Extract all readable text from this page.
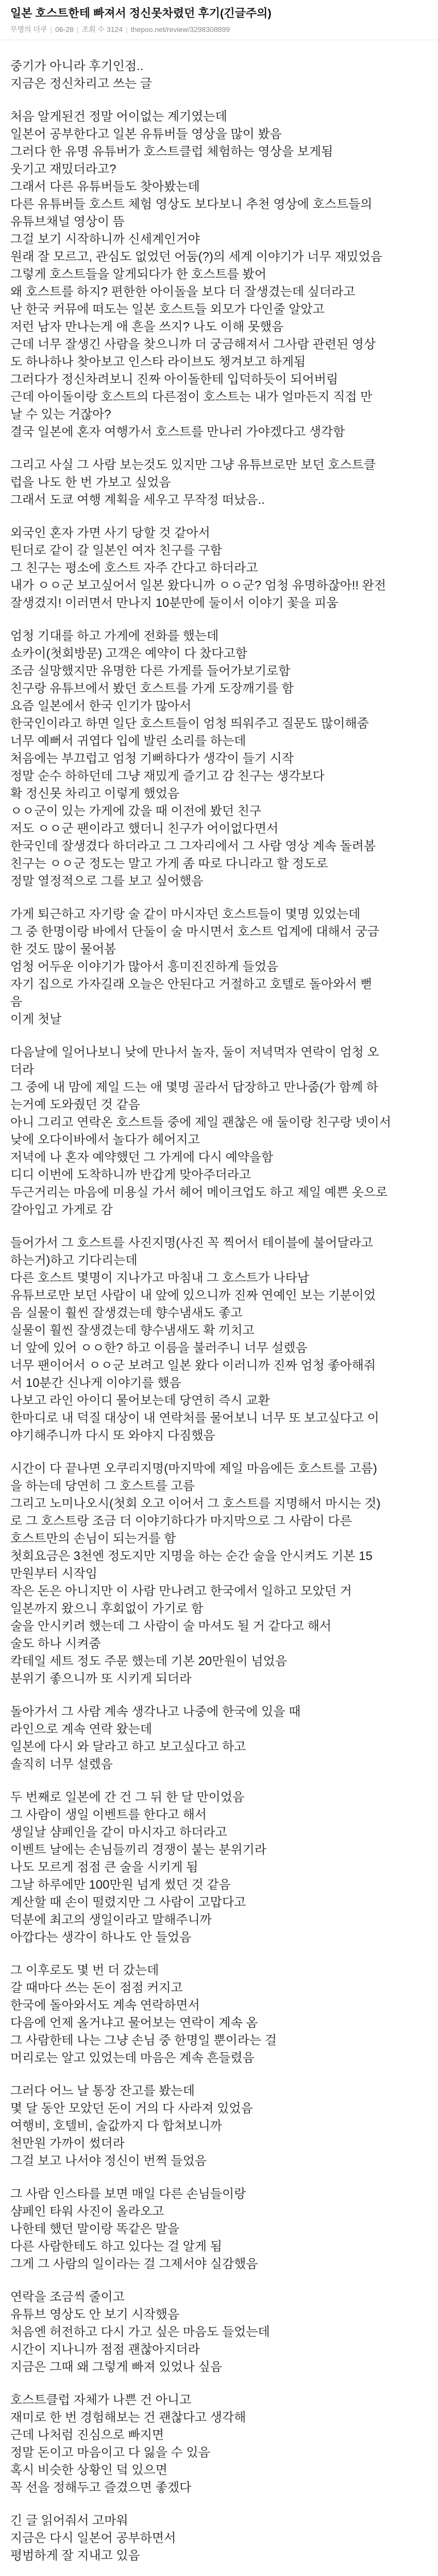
일본 호스트한테 빠져서 정신못차렸던 후기(긴글주의)
무명의 더쿠 | 06-28 | 조회 수 3124 | thepoo.net/review/3298308899
중기가 아니라 후기인점..
지금은 정신차리고 쓰는 글
처음 알게된건 정말 어이없는 계기였는데
일본어 공부한다고 일본 유튜버들 영상을 많이 봤음
그러다 한 유명 유튜버가 호스트클럽 체험하는 영상을 보게됨
웃기고 재밌더라고?
그래서 다른 유튜버들도 찾아봤는데
다른 유튜버들 호스트 체험 영상도 보다보니 추천 영상에 호스트들의
유튜브채널 영상이 뜸
그걸 보기 시작하니까 신세계인거야
원래 잘 모르고, 관심도 없었던 어둠(?)의 세계 이야기가 너무 재밌었음
그렇게 호스트들을 알게되다가 한 호스트를 봤어
왜 호스트를 하지? 편한한 아이돌을 보다 더 잘생겼는데 싶더라고
난 한국 커뮤에 떠도는 일본 호스트들 외모가 다인줄 알았고
저런 남자 만나는게 애 흔을 쓰지? 나도 이해 못했음
근데 너무 잘생긴 사람을 찾으니까 더 궁금해져서 그사람 관련된 영상
도 하나하나 찾아보고 인스타 라이브도 챙겨보고 하게됨
그러다가 정신차려보니 진짜 아이돌한테 입덕하듯이 되어버림
근데 아이돌이랑 호스트의 다른점이 호스트는 내가 얼마든지 직접 만
날 수 있는 거잖아?
결국 일본에 혼자 여행가서 호스트를 만나러 가야겠다고 생각함
그리고 사실 그 사람 보는것도 있지만 그냥 유튜브로만 보던 호스트클
럽을 나도 한 번 가보고 싶었음
그래서 도쿄 여행 계획을 세우고 무작정 떠났음..
외국인 혼자 가면 사기 당할 것 같아서
틴더로 같이 갈 일본인 여자 친구를 구함
그 친구는 평소에 호스트 자주 간다고 하더라고
내가 ㅇㅇ군 보고싶어서 일본 왔다니까 ㅇㅇ군? 엄청 유명하잖아!! 완전
잘생겼지! 이러면서 만나지 10분만에 둘이서 이야기 꽃을 피움
엄청 기대를 하고 가게에 전화를 했는데
쇼카이(첫회방문) 고객은 예약이 다 찼다고함
조금 실망했지만 유명한 다른 가게를 들어가보기로함
친구랑 유튜브에서 봤던 호스트를 가게 도장깨기를 함
요즘 일본에서 한국 인기가 많아서
한국인이라고 하면 일단 호스트들이 엄청 띄워주고 질문도 많이해줌
너무 예뻐서 귀엽다 입에 발린 소리를 하는데
처음에는 부끄럽고 엄청 기뻐하다가 생각이 들기 시작
정말 순수 하하던데 그냥 재밌게 즐기고 감 친구는 생각보다
확 정신못 차리고 이렇게 했었음
ㅇㅇ군이 있는 가게에 갔을 때 이전에 봤던 친구
저도 ㅇㅇ군 팬이라고 했더니 친구가 어이없다면서
한국인데 잘생겼다 하더라고 그 그자리에서 그 사람 영상 계속 돌려봄
친구는 ㅇㅇ군 정도는 말고 가게 좀 따로 다니라고 할 정도로
정말 열정적으로 그를 보고 싶어했음
가게 퇴근하고 자기랑 술 같이 마시자던 호스트들이 몇명 있었는데
그 중 한명이랑 바에서 단둘이 술 마시면서 호스트 업계에 대해서 궁금
한 것도 많이 물어봄
엄청 어두운 이야기가 많아서 흥미진진하게 들었음
자기 집으로 가자길래 오늘은 안된다고 거절하고 호텔로 돌아와서 뻗
음
이게 첫날
다음날에 일어나보니 낮에 만나서 놀자, 둘이 저녁먹자 연락이 엄청 오
더라
그 중에 내 맘에 제일 드는 애 몇명 골라서 답장하고 만나줌(가 함꼐 하
는거예 도와줬던 것 같음
아니 그리고 연락온 호스트들 중에 제일 괜찮은 애 둘이랑 친구랑 넷이서
낮에 오다이바에서 놀다가 헤어지고
저녁에 나 혼자 예약했던 그 가게에 다시 예약을함
디디 이번에 도착하니까 반갑게 맞아주더라고
두근거리는 마음에 미용실 가서 헤어 메이크업도 하고 제일 예쁜 옷으로
갈아입고 가게로 감
들어가서 그 호스트를 사진지명(사진 꼭 찍어서 테이블에 불어달라고
하는거)하고 기다리는데
다른 호스트 몇명이 지나가고 마침내 그 호스트가 나타남
유튜브로만 보던 사람이 내 앞에 있으니까 진짜 연예인 보는 기분이었
음 실물이 훨씬 잘생겼는데 향수냄새도 좋고
실물이 훨씬 잘생겼는데 향수냄새도 확 끼치고
너 앞에 있어 ㅇㅇ한? 하고 이름을 불러주니 너무 설렜음
너무 팬이어서 ㅇㅇ군 보려고 일본 왔다 이러니까 진짜 엄청 좋아해줘
서 10분간 신나게 이야기를 했음
나보고 라인 아이디 물어보는데 당연히 즉시 교환
한마디로 내 덕질 대상이 내 연락처를 물어보니 너무 또 보고싶다고 이
야기해주니까 다시 또 와야지 다짐했음
시간이 다 끝나면 오쿠리지명(마지막에 제일 마음에든 호스트를 고름)
을 하는데 당연히 그 호스트를 고름
그리고 노미나오시(첫회 오고 이어서 그 호스트를 지명해서 마시는 것)
로 그 호스트랑 조금 더 이야기하다가 마지막으로 그 사람이 다른
호스트만의 손님이 되는거를 함
첫회요금은 3천엔 정도지만 지명을 하는 순간 술을 안시켜도 기본 15
만원부터 시작임
작은 돈은 아니지만 이 사람 만나려고 한국에서 일하고 모았던 거
일본까지 왔으니 후회없이 가기로 함
술을 안시키려 했는데 그 사람이 술 마셔도 될 거 같다고 해서
술도 하나 시켜줌
칵테일 세트 정도 주문 했는데 기본 20만원이 넘었음
분위기 좋으니까 또 시키게 되더라
돌아가서 그 사람 계속 생각나고 나중에 한국에 있을 때
라인으로 계속 연락 왔는데
일본에 다시 와 달라고 하고 보고싶다고 하고
솔직히 너무 설렜음
두 번째로 일본에 간 건 그 뒤 한 달 만이었음
그 사람이 생일 이벤트를 한다고 해서
생일날 샴페인을 같이 마시자고 하더라고
이벤트 날에는 손님들끼리 경쟁이 붙는 분위기라
나도 모르게 점점 큰 술을 시키게 됨
그날 하루에만 100만원 넘게 썼던 것 같음
계산할 때 손이 떨렸지만 그 사람이 고맙다고
덕분에 최고의 생일이라고 말해주니까
아깝다는 생각이 하나도 안 들었음
그 이후로도 몇 번 더 갔는데
갈 때마다 쓰는 돈이 점점 커지고
한국에 돌아와서도 계속 연락하면서
다음에 언제 올거냐고 물어보는 연락이 계속 옴
그 사람한테 나는 그냥 손님 중 한명일 뿐이라는 걸
머리로는 알고 있었는데 마음은 계속 흔들렸음
그러다 어느 날 통장 잔고를 봤는데
몇 달 동안 모았던 돈이 거의 다 사라져 있었음
여행비, 호텔비, 술값까지 다 합쳐보니까
천만원 가까이 썼더라
그걸 보고 나서야 정신이 번쩍 들었음
그 사람 인스타를 보면 매일 다른 손님들이랑
샴페인 타워 사진이 올라오고
나한테 했던 말이랑 똑같은 말을
다른 사람한테도 하고 있다는 걸 알게 됨
그게 그 사람의 일이라는 걸 그제서야 실감했음
연락을 조금씩 줄이고
유튜브 영상도 안 보기 시작했음
처음엔 허전하고 다시 가고 싶은 마음도 들었는데
시간이 지나니까 점점 괜찮아지더라
지금은 그때 왜 그렇게 빠져 있었나 싶음
호스트클럽 자체가 나쁜 건 아니고
재미로 한 번 경험해보는 건 괜찮다고 생각해
근데 나처럼 진심으로 빠지면
정말 돈이고 마음이고 다 잃을 수 있음
혹시 비슷한 상황인 덬 있으면
꼭 선을 정해두고 즐겼으면 좋겠다
긴 글 읽어줘서 고마워
지금은 다시 일본어 공부하면서
평범하게 잘 지내고 있음
